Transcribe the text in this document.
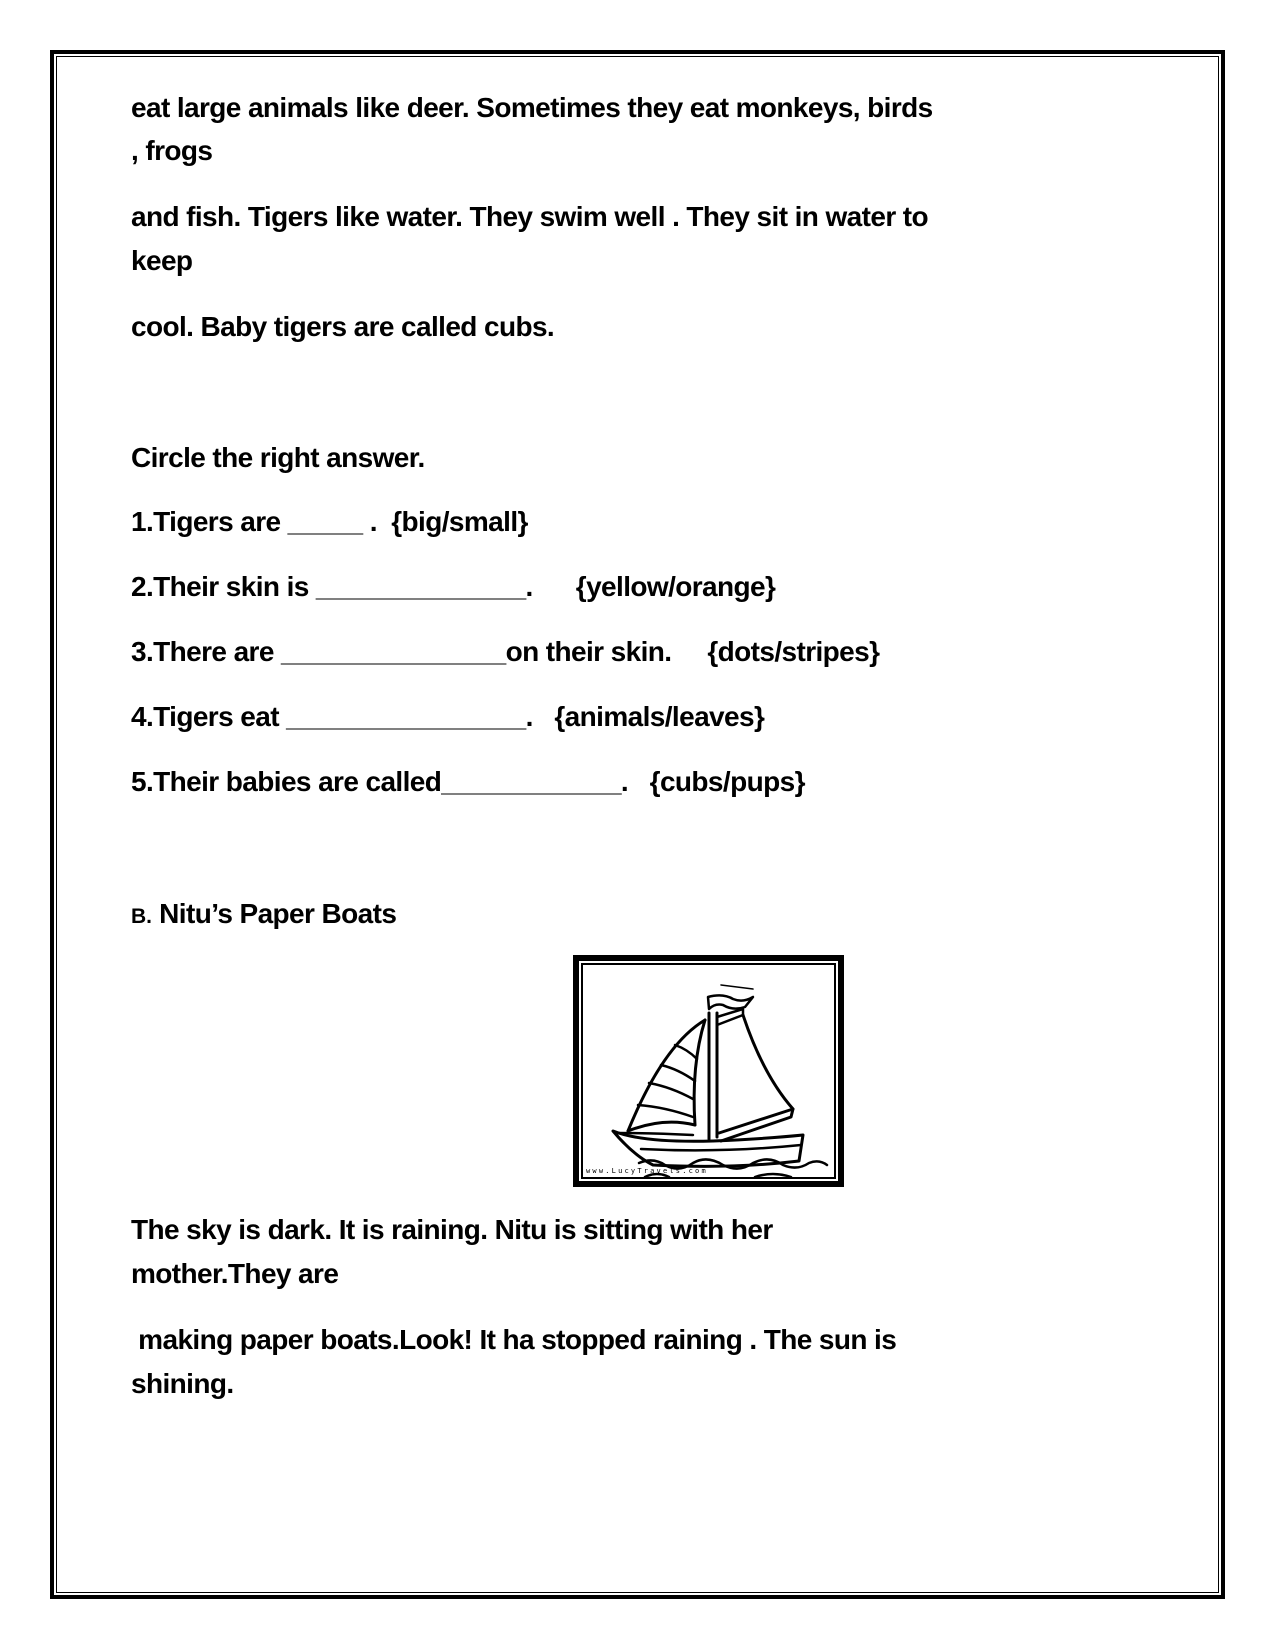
eat large animals like deer. Sometimes they eat monkeys, birds

, frogs

and fish. Tigers like water. They swim well . They sit in water to

keep

cool. Baby tigers are called cubs.

Circle the right answer.

1.Tigers are _____ .  {big/small}

2.Their skin is ______________.      {yellow/orange}

3.There are _______________on their skin.     {dots/stripes}

4.Tigers eat ________________.   {animals/leaves}

5.Their babies are called____________.   {cubs/pups}

B. Nitu’s Paper Boats

www.LucyTravels.com

The sky is dark. It is raining. Nitu is sitting with her

mother.They are

making paper boats.Look! It ha stopped raining . The sun is

shining.
